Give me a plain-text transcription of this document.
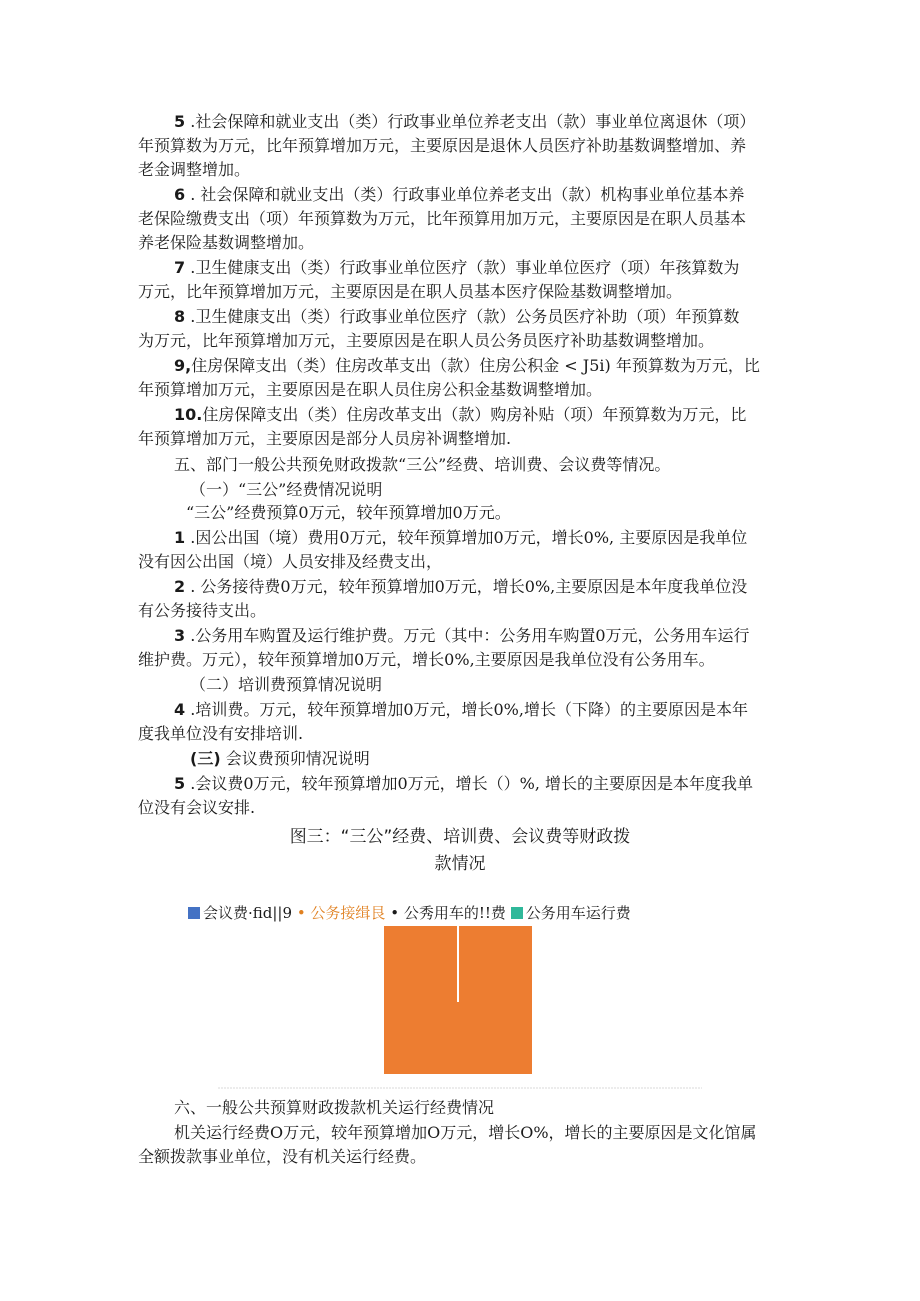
5 .社会保障和就业支出（类）行政事业单位养老支出（款）事业单位离退休（项）
年预算数为万元，比年预算增加万元，主要原因是退休人员医疗补助基数调整增加、养
老金调整增加。

6 . 社会保障和就业支出（类）行政事业单位养老支出（款）机构事业单位基本养
老保险缴费支出（项）年预算数为万元，比年预算用加万元，主要原因是在职人员基本
养老保险基数调整增加。

7 .卫生健康支出（类）行政事业单位医疗（款）事业单位医疗（项）年孩算数为
万元，比年预算增加万元，主要原因是在职人员基本医疗保险基数调整增加。

8 .卫生健康支出（类）行政事业单位医疗（款）公务员医疗补助（项）年预算数
为万元，比年预算增加万元，主要原因是在职人员公务员医疗补助基数调整增加。

9,住房保障支出（类）住房改革支出（款）住房公积金 < J5i) 年预算数为万元，比
年预算增加万元，主要原因是在职人员住房公积金基数调整增加。

10.住房保障支出（类）住房改革支出（款）购房补贴（项）年预算数为万元，比
年预算增加万元，主要原因是部分人员房补调整增加.

五、部门一般公共预免财政拨款“三公”经费、培训费、会议费等情况。

（一）“三公”经费情况说明

“三公”经费预算0万元，较年预算增加0万元。

1 .因公出国（境）费用0万元，较年预算增加0万元，增长0%, 主要原因是我单位
没有因公出国（境）人员安排及经费支出，

2 . 公务接待费0万元，较年预算增加0万元，增长0%,主要原因是本年度我单位没
有公务接待支出。

3 .公务用车购置及运行维护费。万元（其中：公务用车购置0万元，公务用车运行
维护费。万元），较年预算增加0万元，增长0%,主要原因是我单位没有公务用车。

（二）培训费预算情况说明

4 .培训费。万元，较年预算增加0万元，增长0%,增长（下降）的主要原因是本年
度我单位没有安排培训.

(三) 会议费预卯情况说明

5 .会议费0万元，较年预算增加0万元，增长（）%, 增长的主要原因是本年度我单
位没有会议安排.

六、一般公共预算财政拨款机关运行经费情况

机关运行经费O万元，较年预算增加O万元，增长O%，增长的主要原因是文化馆属
全额拨款事业单位，没有机关运行经费。

图三：“三公”经费、培训费、会议费等财政拨
款情况
会议费·fid||9 • 公务接缉艮 • 公秀用车的!!费 公务用车运行费
